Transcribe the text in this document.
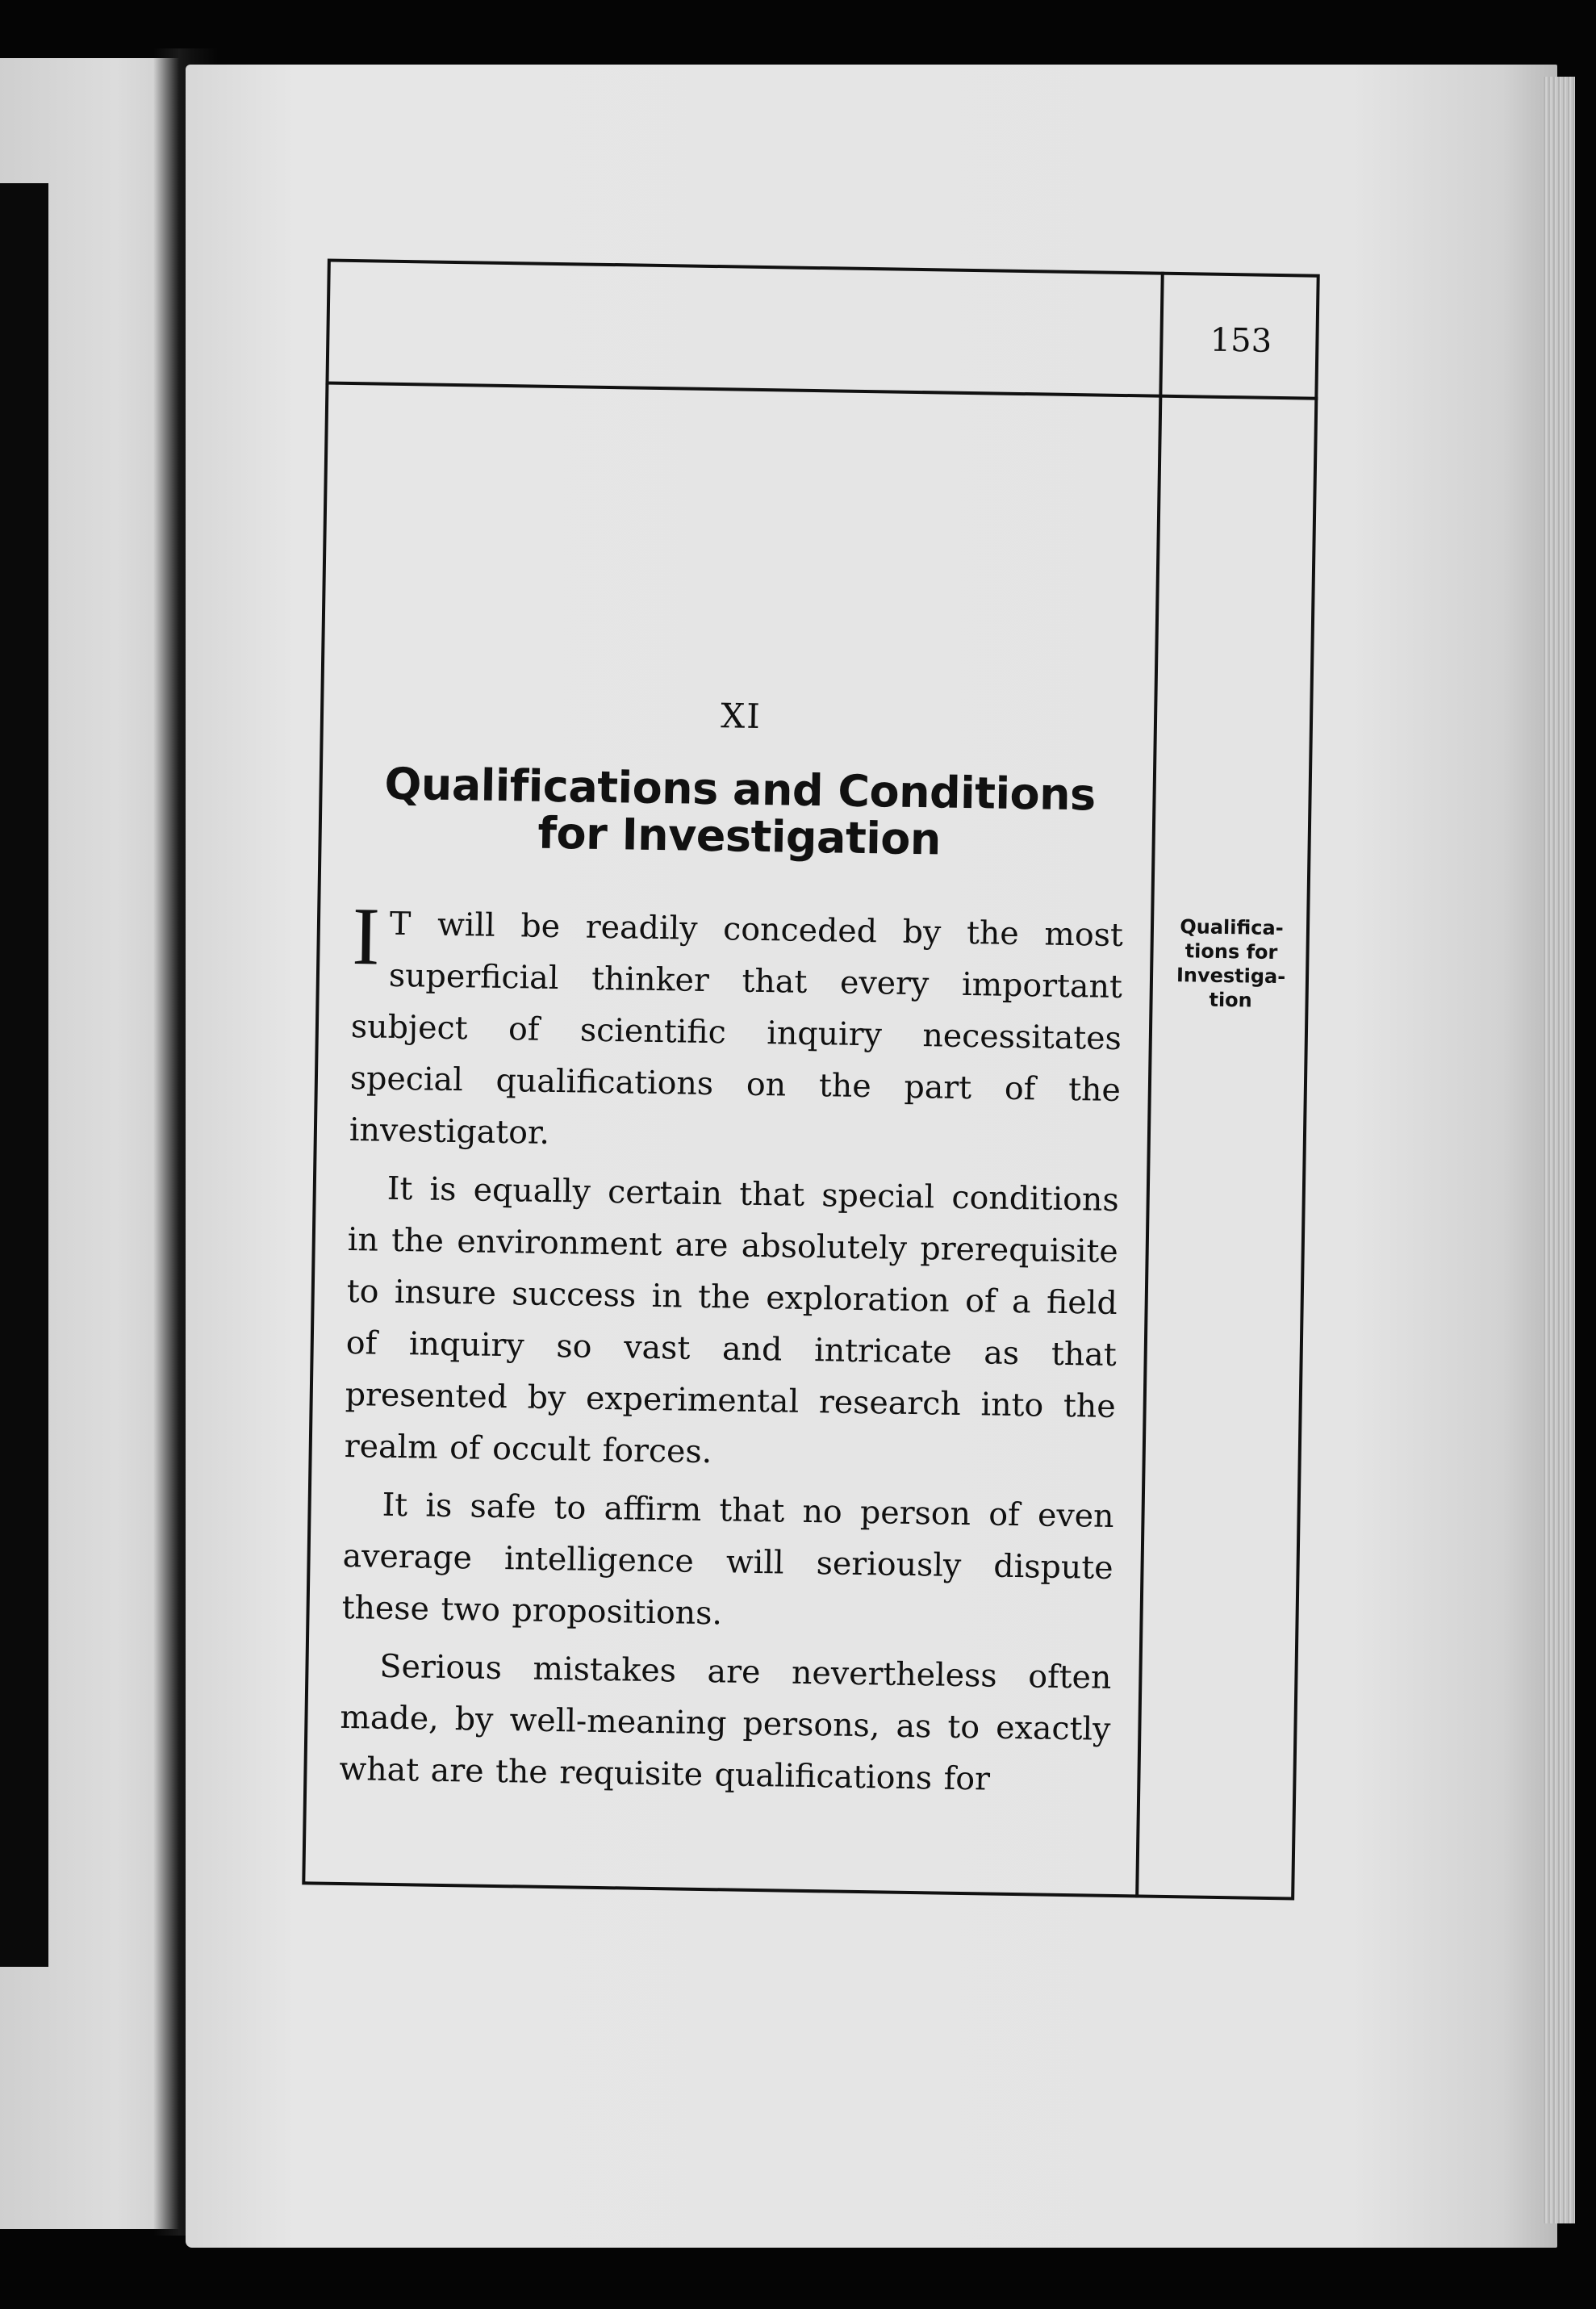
153
XI
Qualifications and Conditions for Investigation

I T will be readily conceded by the most superficial thinker that every important subject of scientific inquiry necessitates special qualifications on the part of the investigator.

It is equally certain that special conditions in the environment are absolutely prerequisite to insure success in the exploration of a field of inquiry so vast and intricate as that presented by experimental research into the realm of occult forces.

It is safe to affirm that no person of even average intelligence will seriously dispute these two propositions.

Serious mistakes are nevertheless often made, by well-meaning persons, as to exactly what are the requisite qualifications for

Qualifica-
tions for
Investiga-
tion
